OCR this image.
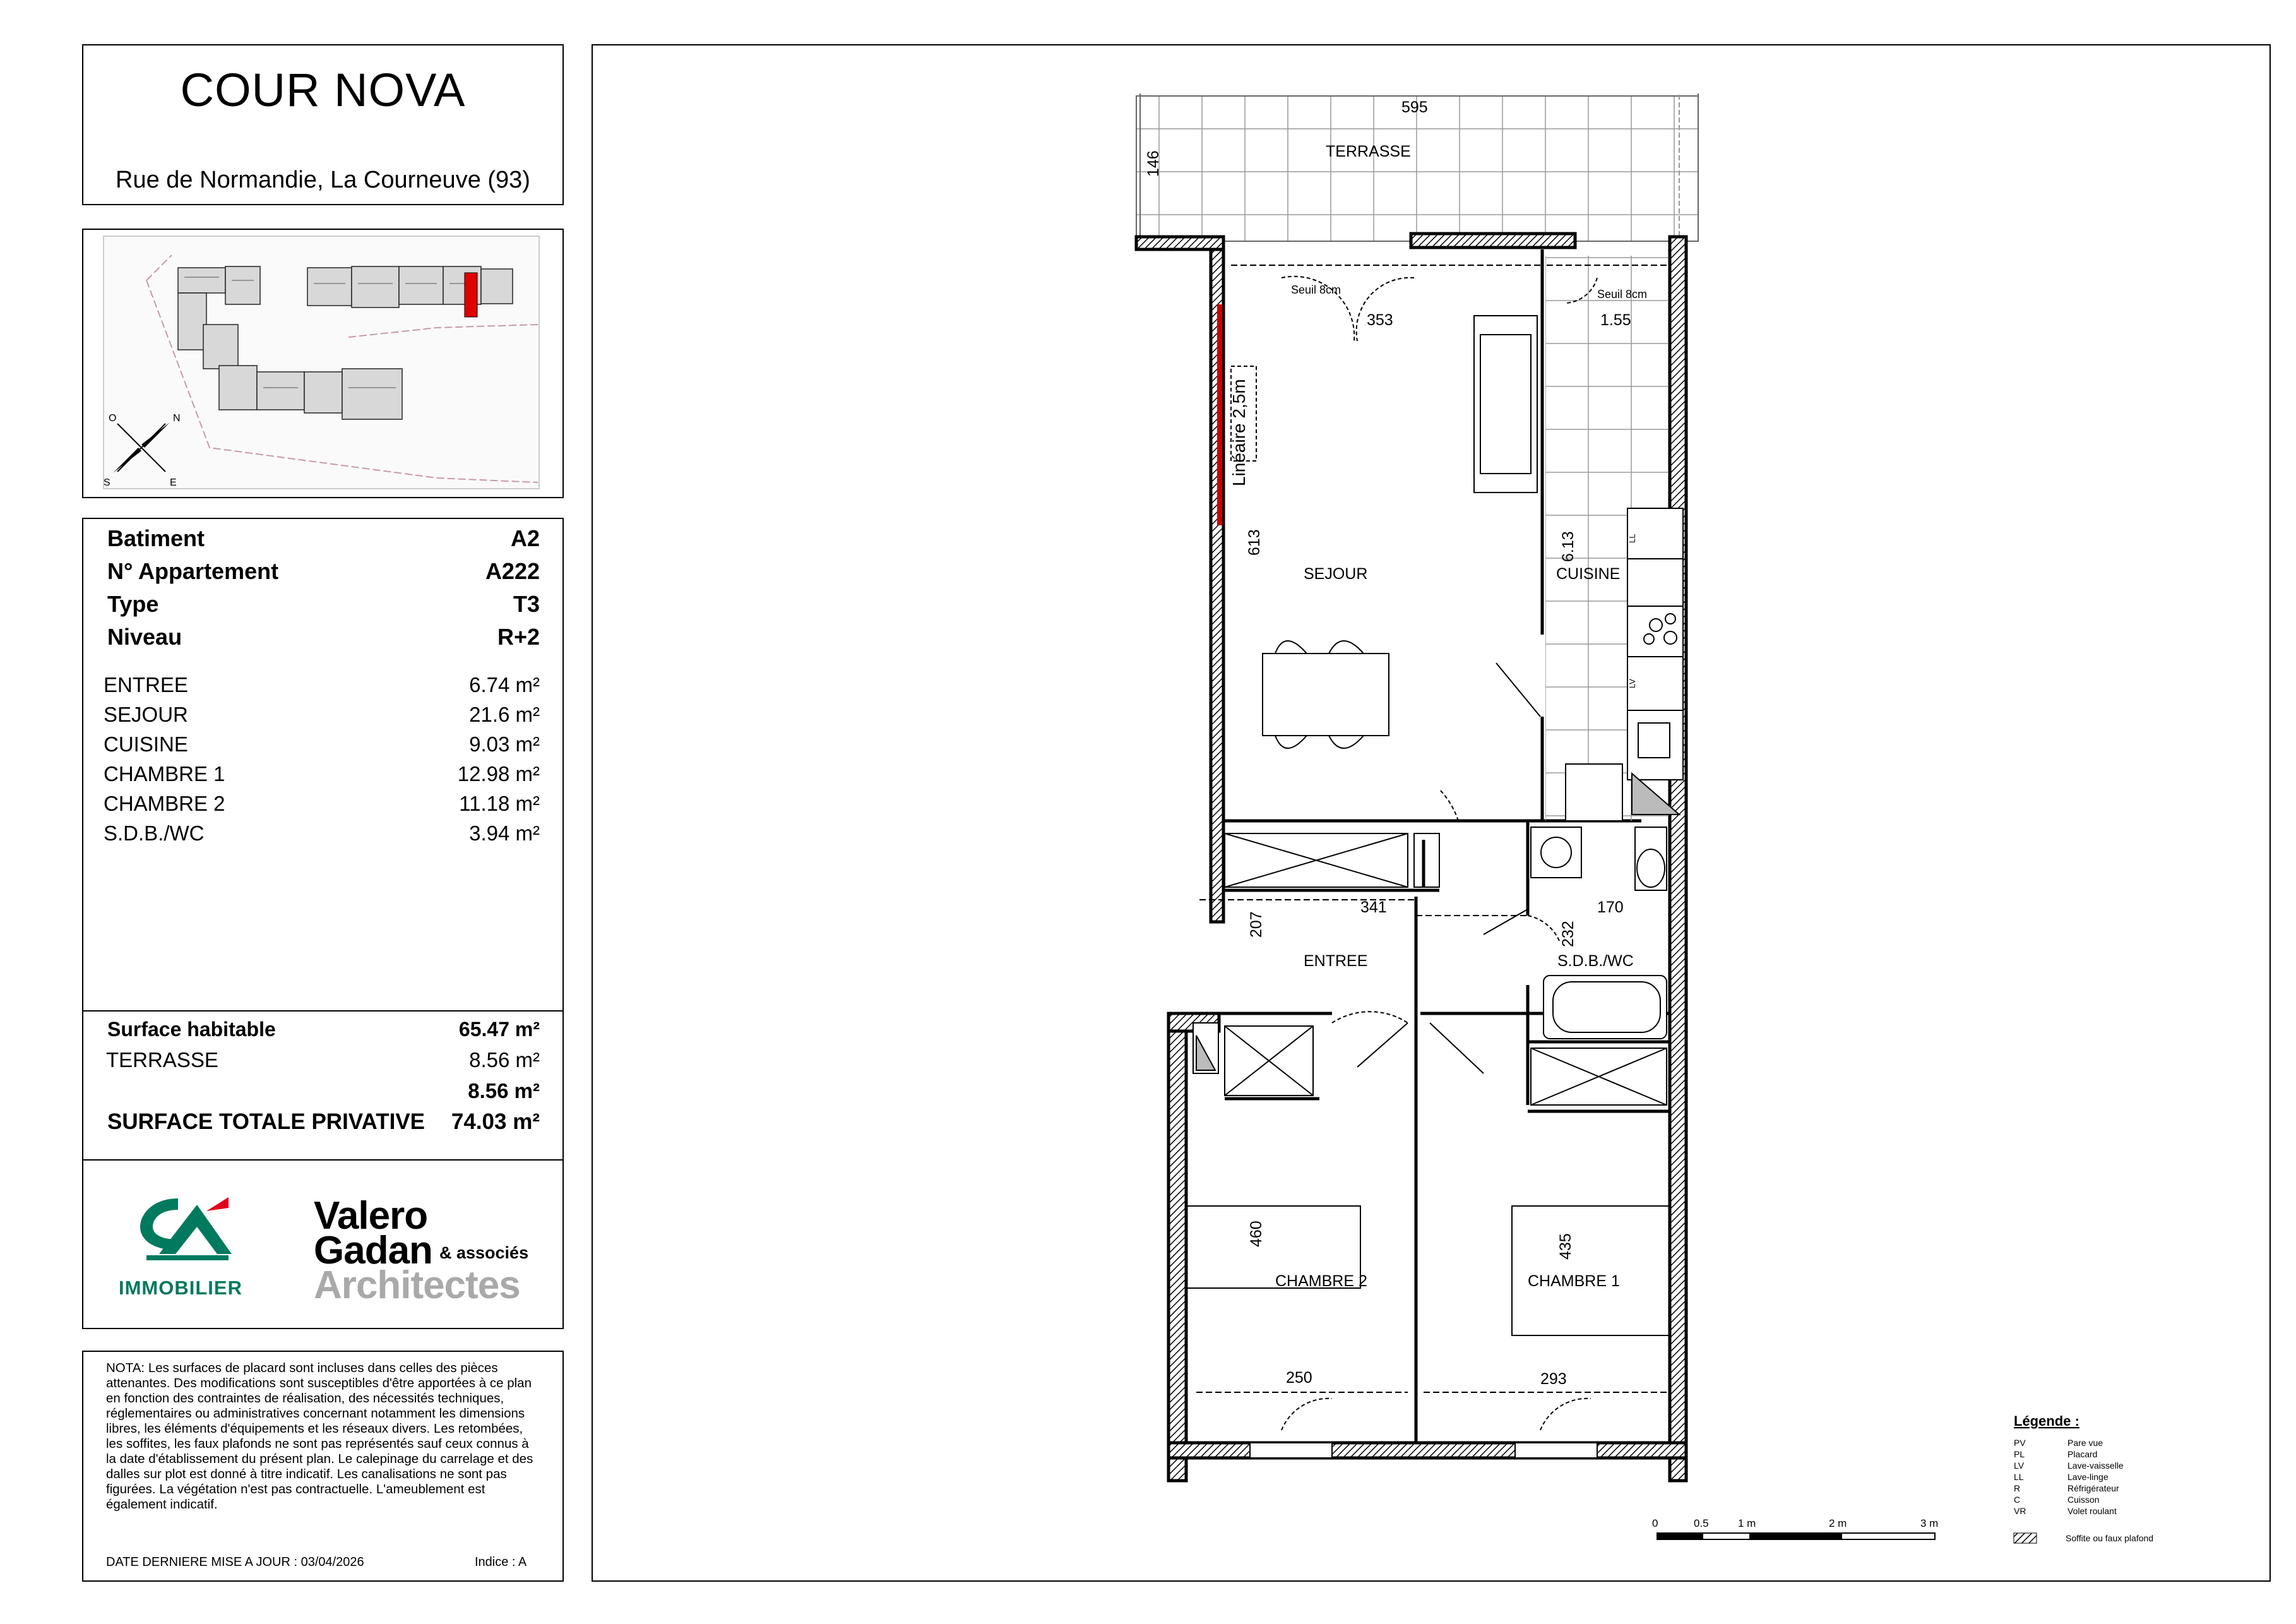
COUR NOVA
Rue de Normandie, La Courneuve (93)
O	N
S	E
Batiment	A2
N° Appartement	A222
Type	T3
Niveau	R+2
ENTREE	6.74 m²
SEJOUR	21.6 m²
CUISINE	9.03 m²
CHAMBRE 1	12.98 m²
CHAMBRE 2	11.18 m²
S.D.B./WC	3.94 m²
Surface habitable	65.47 m²
TERRASSE	8.56 m²
8.56 m²
SURFACE TOTALE PRIVATIVE 74.03 m²
IMMOBILIER
Valero
Gadan & associés
Architectes
NOTA: Les surfaces de placard sont incluses dans celles des pièces attenantes. Des modifications sont susceptibles d'être apportées à ce plan en fonction des contraintes de réalisation, des nécessités techniques, réglementaires ou administratives concernant notamment les dimensions libres, les éléments d'équipements et les réseaux divers. Les retombées, les soffites, les faux plafonds ne sont pas représentés sauf ceux connus à la date d'établissement du présent plan. Le calepinage du carrelage et des dalles sur plot est donné à titre indicatif. Les canalisations ne sont pas figurées. La végétation n'est pas contractuelle. L'ameublement est également indicatif.
DATE DERNIERE MISE A JOUR : 03/04/2026	Indice : A
TERRASSE
595
146
Seuil 8cm	Seuil 8cm
353	1.55
Linéaire 2,5m
613
SEJOUR
6.13
CUISINE
LL
LV
341
207
ENTREE
232
170
S.D.B./WC
460
CHAMBRE 2
435
CHAMBRE 1
250	293
0	0.5	1 m	2 m	3 m
Légende :
PV	Pare vue
PL	Placard
LV	Lave-vaisselle
LL	Lave-linge
R	Réfrigérateur
C	Cuisson
VR	Volet roulant
Soffite ou faux plafond
